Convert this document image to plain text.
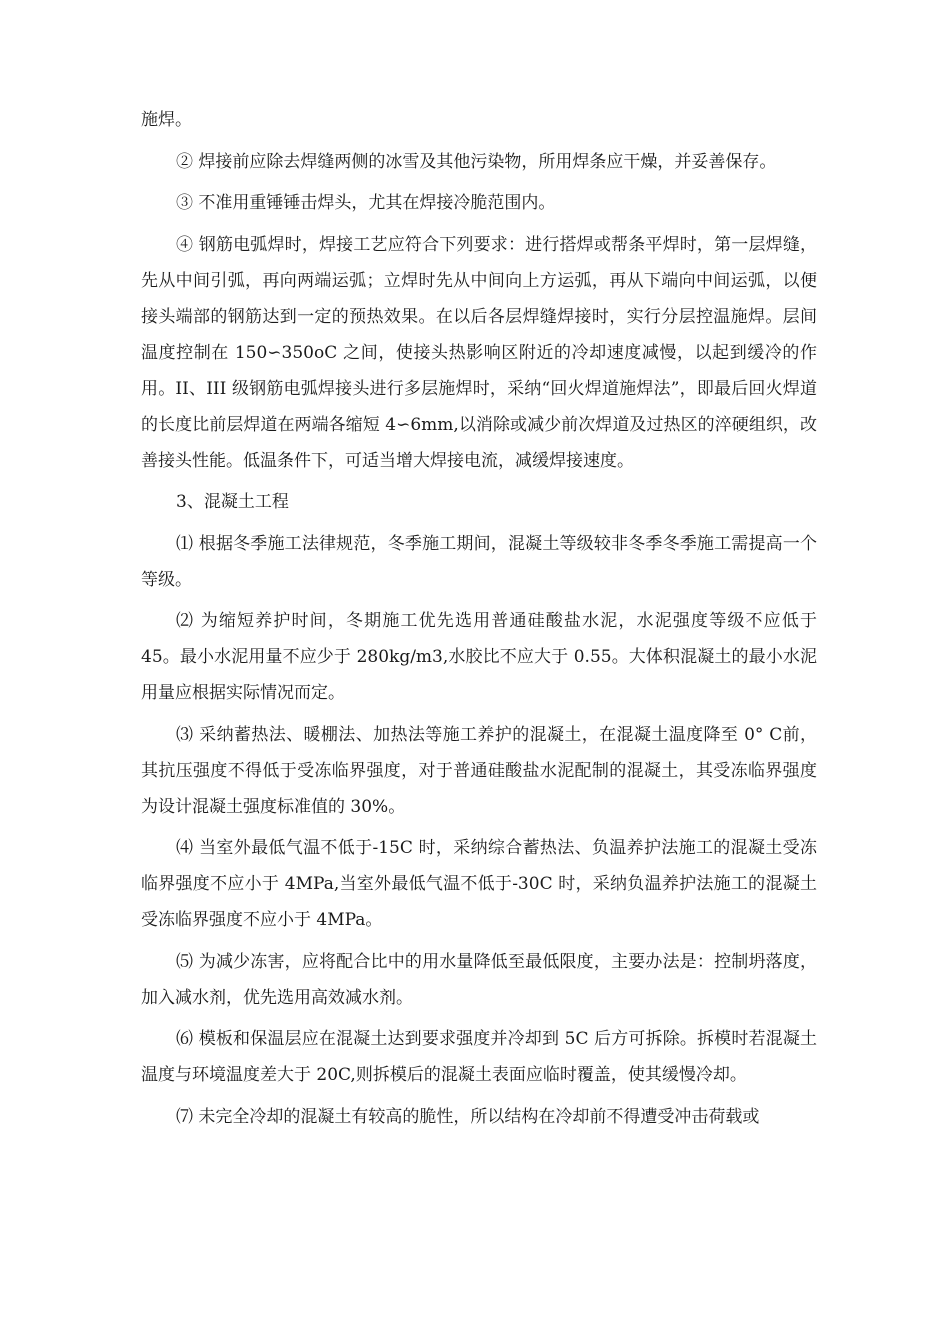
施焊。

② 焊接前应除去焊缝两侧的冰雪及其他污染物，所用焊条应干燥，并妥善保存。

③ 不准用重锤锤击焊头，尤其在焊接冷脆范围内。

④ 钢筋电弧焊时，焊接工艺应符合下列要求：进行搭焊或帮条平焊时，第一层焊缝，先从中间引弧，再向两端运弧；立焊时先从中间向上方运弧，再从下端向中间运弧，以便接头端部的钢筋达到一定的预热效果。在以后各层焊缝焊接时，实行分层控温施焊。层间温度控制在 150∽350oC 之间，使接头热影响区附近的冷却速度减慢，以起到缓冷的作用。II、III 级钢筋电弧焊接头进行多层施焊时，采纳“回火焊道施焊法”，即最后回火焊道的长度比前层焊道在两端各缩短 4∽6mm,以消除或减少前次焊道及过热区的淬硬组织，改善接头性能。低温条件下，可适当增大焊接电流，减缓焊接速度。

3、混凝土工程

⑴ 根据冬季施工法律规范，冬季施工期间，混凝土等级较非冬季冬季施工需提高一个等级。

⑵ 为缩短养护时间，冬期施工优先选用普通硅酸盐水泥，水泥强度等级不应低于 45。最小水泥用量不应少于 280kg/m3,水胶比不应大于 0.55。大体积混凝土的最小水泥用量应根据实际情况而定。

⑶ 采纳蓄热法、暖棚法、加热法等施工养护的混凝土，在混凝土温度降至 0° C前，其抗压强度不得低于受冻临界强度，对于普通硅酸盐水泥配制的混凝土，其受冻临界强度为设计混凝土强度标准值的 30%。

⑷ 当室外最低气温不低于-15C 时，采纳综合蓄热法、负温养护法施工的混凝土受冻临界强度不应小于 4MPa,当室外最低气温不低于-30C 时，采纳负温养护法施工的混凝土受冻临界强度不应小于 4MPa。

⑸ 为减少冻害，应将配合比中的用水量降低至最低限度，主要办法是：控制坍落度，加入减水剂，优先选用高效减水剂。

⑹ 模板和保温层应在混凝土达到要求强度并冷却到 5C 后方可拆除。拆模时若混凝土温度与环境温度差大于 20C,则拆模后的混凝土表面应临时覆盖，使其缓慢冷却。

⑺ 未完全冷却的混凝土有较高的脆性，所以结构在冷却前不得遭受冲击荷载或
